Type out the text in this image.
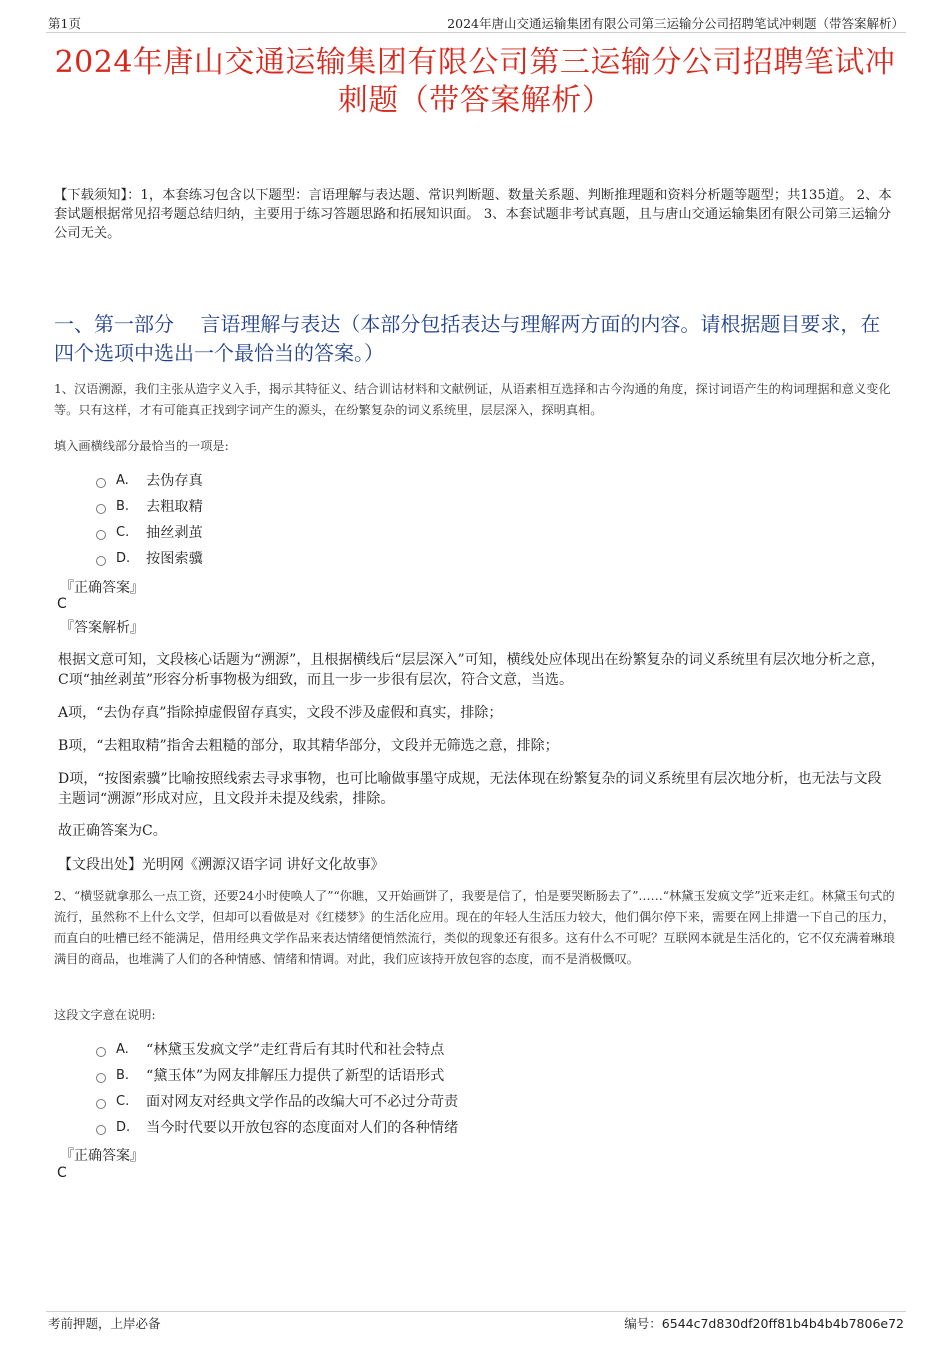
第1页	2024年唐山交通运输集团有限公司第三运输分公司招聘笔试冲刺题（带答案解析）
2024年唐山交通运输集团有限公司第三运输分公司招聘笔试冲
刺题（带答案解析）
【下载须知】：1，本套练习包含以下题型：言语理解与表达题、常识判断题、数量关系题、判断推理题和资料分析题等题型；共135道。 2、本套试题根据常见招考题总结归纳，主要用于练习答题思路和拓展知识面。 3、本套试题非考试真题，且与唐山交通运输集团有限公司第三运输分公司无关。
一、第一部分　 言语理解与表达（本部分包括表达与理解两方面的内容。请根据题目要求，在四个选项中选出一个最恰当的答案。）
1、汉语溯源，我们主张从造字义入手，揭示其特征义、结合训诂材料和文献例证，从语素相互选择和古今沟通的角度，探讨词语产生的构词理据和意义变化等。只有这样，才有可能真正找到字词产生的源头，在纷繁复杂的词义系统里，层层深入，探明真相。
填入画横线部分最恰当的一项是:
A.	去伪存真
B.	去粗取精
C.	抽丝剥茧
D.	按图索骥
『正确答案』
C
『答案解析』
根据文意可知，文段核心话题为“溯源”，且根据横线后“层层深入”可知，横线处应体现出在纷繁复杂的词义系统里有层次地分析之意，C项“抽丝剥茧”形容分析事物极为细致，而且一步一步很有层次，符合文意，当选。
A项，“去伪存真”指除掉虚假留存真实，文段不涉及虚假和真实，排除；
B项，“去粗取精”指舍去粗糙的部分，取其精华部分，文段并无筛选之意，排除；
D项，“按图索骥”比喻按照线索去寻求事物，也可比喻做事墨守成规，无法体现在纷繁复杂的词义系统里有层次地分析，也无法与文段主题词“溯源”形成对应，且文段并未提及线索，排除。
故正确答案为C。
【文段出处】光明网《溯源汉语字词 讲好文化故事》
2、“横竖就拿那么一点工资，还要24小时使唤人了”“你瞧，又开始画饼了，我要是信了，怕是要哭断肠去了”……“林黛玉发疯文学”近来走红。林黛玉句式的流行，虽然称不上什么文学，但却可以看做是对《红楼梦》的生活化应用。现在的年轻人生活压力较大，他们偶尔停下来，需要在网上排遣一下自己的压力，而直白的吐槽已经不能满足，借用经典文学作品来表达情绪便悄然流行，类似的现象还有很多。这有什么不可呢？互联网本就是生活化的，它不仅充满着琳琅满目的商品，也堆满了人们的各种情感、情绪和情调。对此，我们应该持开放包容的态度，而不是消极慨叹。
这段文字意在说明:
A.	“林黛玉发疯文学”走红背后有其时代和社会特点
B.	“黛玉体”为网友排解压力提供了新型的话语形式
C.	面对网友对经典文学作品的改编大可不必过分苛责
D.	当今时代要以开放包容的态度面对人们的各种情绪
『正确答案』
C
考前押题，上岸必备	编号：6544c7d830df20ff81b4b4b4b7806e72
